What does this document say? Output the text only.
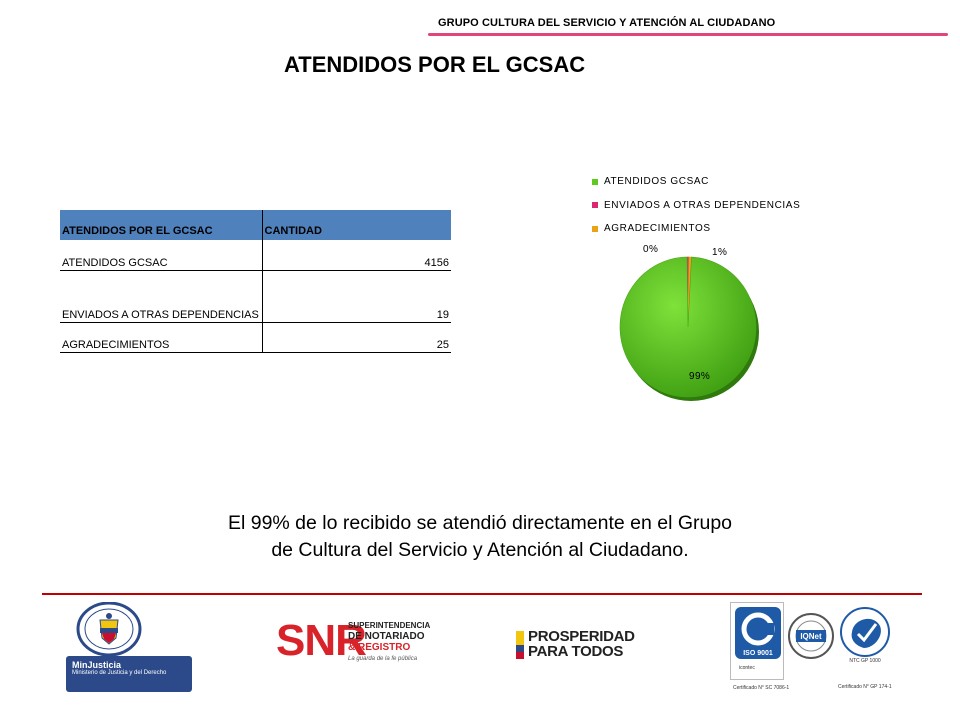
GRUPO CULTURA DEL SERVICIO Y ATENCIÓN AL CIUDADANO
ATENDIDOS POR EL GCSAC
ATENDIDOS POR EL GCSAC	CANTIDAD
ATENDIDOS GCSAC	4156
ENVIADOS A OTRAS DEPENDENCIAS	19
AGRADECIMIENTOS	25
ATENDIDOS GCSAC
ENVIADOS A OTRAS DEPENDENCIAS
AGRADECIMIENTOS
0%	1%
99%
El 99% de lo recibido se atendió directamente en el Grupo
de Cultura del Servicio y Atención al Ciudadano.
MinJusticia
Ministerio de Justicia y del Derecho
SNR
SUPERINTENDENCIA
DE NOTARIADO
& REGISTRO
La guarda de la fe pública
PROSPERIDAD
PARA TODOS	ISO 9001
icontec
Certificado N° SC 7086-1
IQNet
NTC GP 1000
Certificado N° GP 174-1
